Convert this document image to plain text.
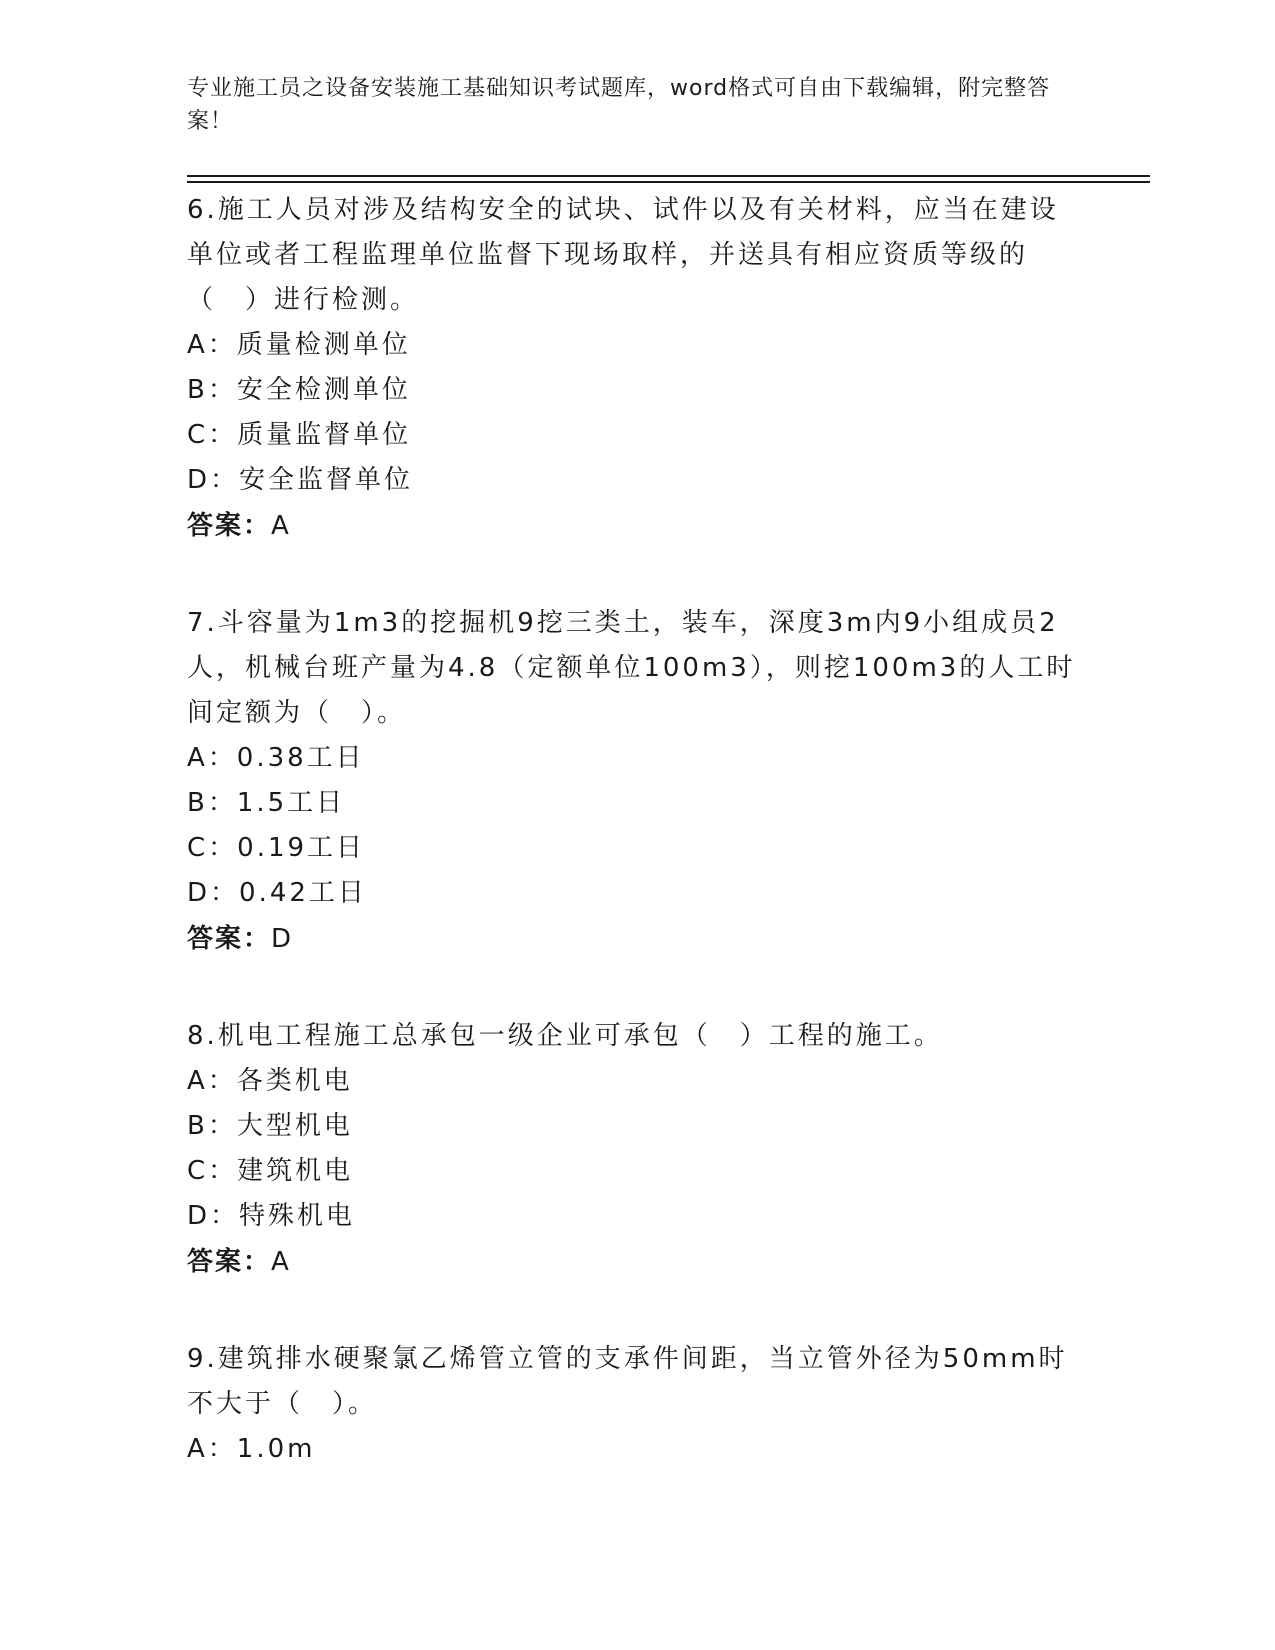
专业施工员之设备安装施工基础知识考试题库，word格式可自由下载编辑，附完整答案！

6.施工人员对涉及结构安全的试块、试件以及有关材料，应当在建设单位或者工程监理单位监督下现场取样，并送具有相应资质等级的（　）进行检测。

A：质量检测单位

B：安全检测单位

C：质量监督单位

D：安全监督单位

答案：A

7.斗容量为1m3的挖掘机9挖三类土，装车，深度3m内9小组成员2人，机械台班产量为4.8（定额单位100m3），则挖100m3的人工时间定额为（　）。

A：0.38工日

B：1.5工日

C：0.19工日

D：0.42工日

答案：D

8.机电工程施工总承包一级企业可承包（　）工程的施工。

A：各类机电

B：大型机电

C：建筑机电

D：特殊机电

答案：A

9.建筑排水硬聚氯乙烯管立管的支承件间距，当立管外径为50mm时不大于（　）。

A：1.0m
